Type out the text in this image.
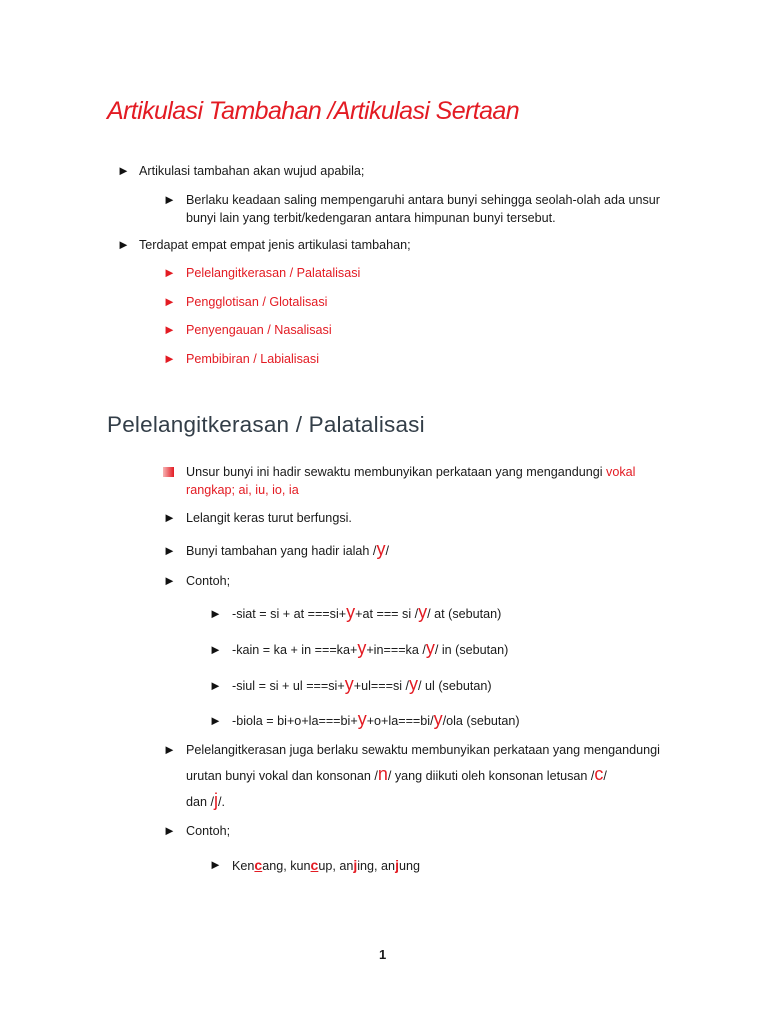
Artikulasi Tambahan /Artikulasi Sertaan
► Artikulasi tambahan akan wujud apabila;
► Berlaku keadaan saling mempengaruhi antara bunyi sehingga seolah-olah ada unsur
bunyi lain yang terbit/kedengaran antara himpunan bunyi tersebut.
► Terdapat empat empat jenis artikulasi tambahan;
► Pelelangitkerasan / Palatalisasi
► Pengglotisan / Glotalisasi
► Penyengauan / Nasalisasi
► Pembibiran / Labialisasi
Pelelangitkerasan / Palatalisasi
Unsur bunyi ini hadir sewaktu membunyikan perkataan yang mengandungi vokal
rangkap; ai, iu, io, ia
► Lelangit keras turut berfungsi.
► Bunyi tambahan yang hadir ialah /y/
► Contoh;
► -siat = si + at ===si+y+at === si /y/ at (sebutan)
► -kain = ka + in ===ka+y+in===ka /y/ in (sebutan)
► -siul = si + ul ===si+y+ul===si /y/ ul (sebutan)
► -biola = bi+o+la===bi+y+o+la===bi/y/ola (sebutan)
► Pelelangitkerasan juga berlaku sewaktu membunyikan perkataan yang mengandungi
urutan bunyi vokal dan konsonan /n/ yang diikuti oleh konsonan letusan /c/
dan /j/.
► Contoh;
► Kencang, kuncup, anjing, anjung
1
